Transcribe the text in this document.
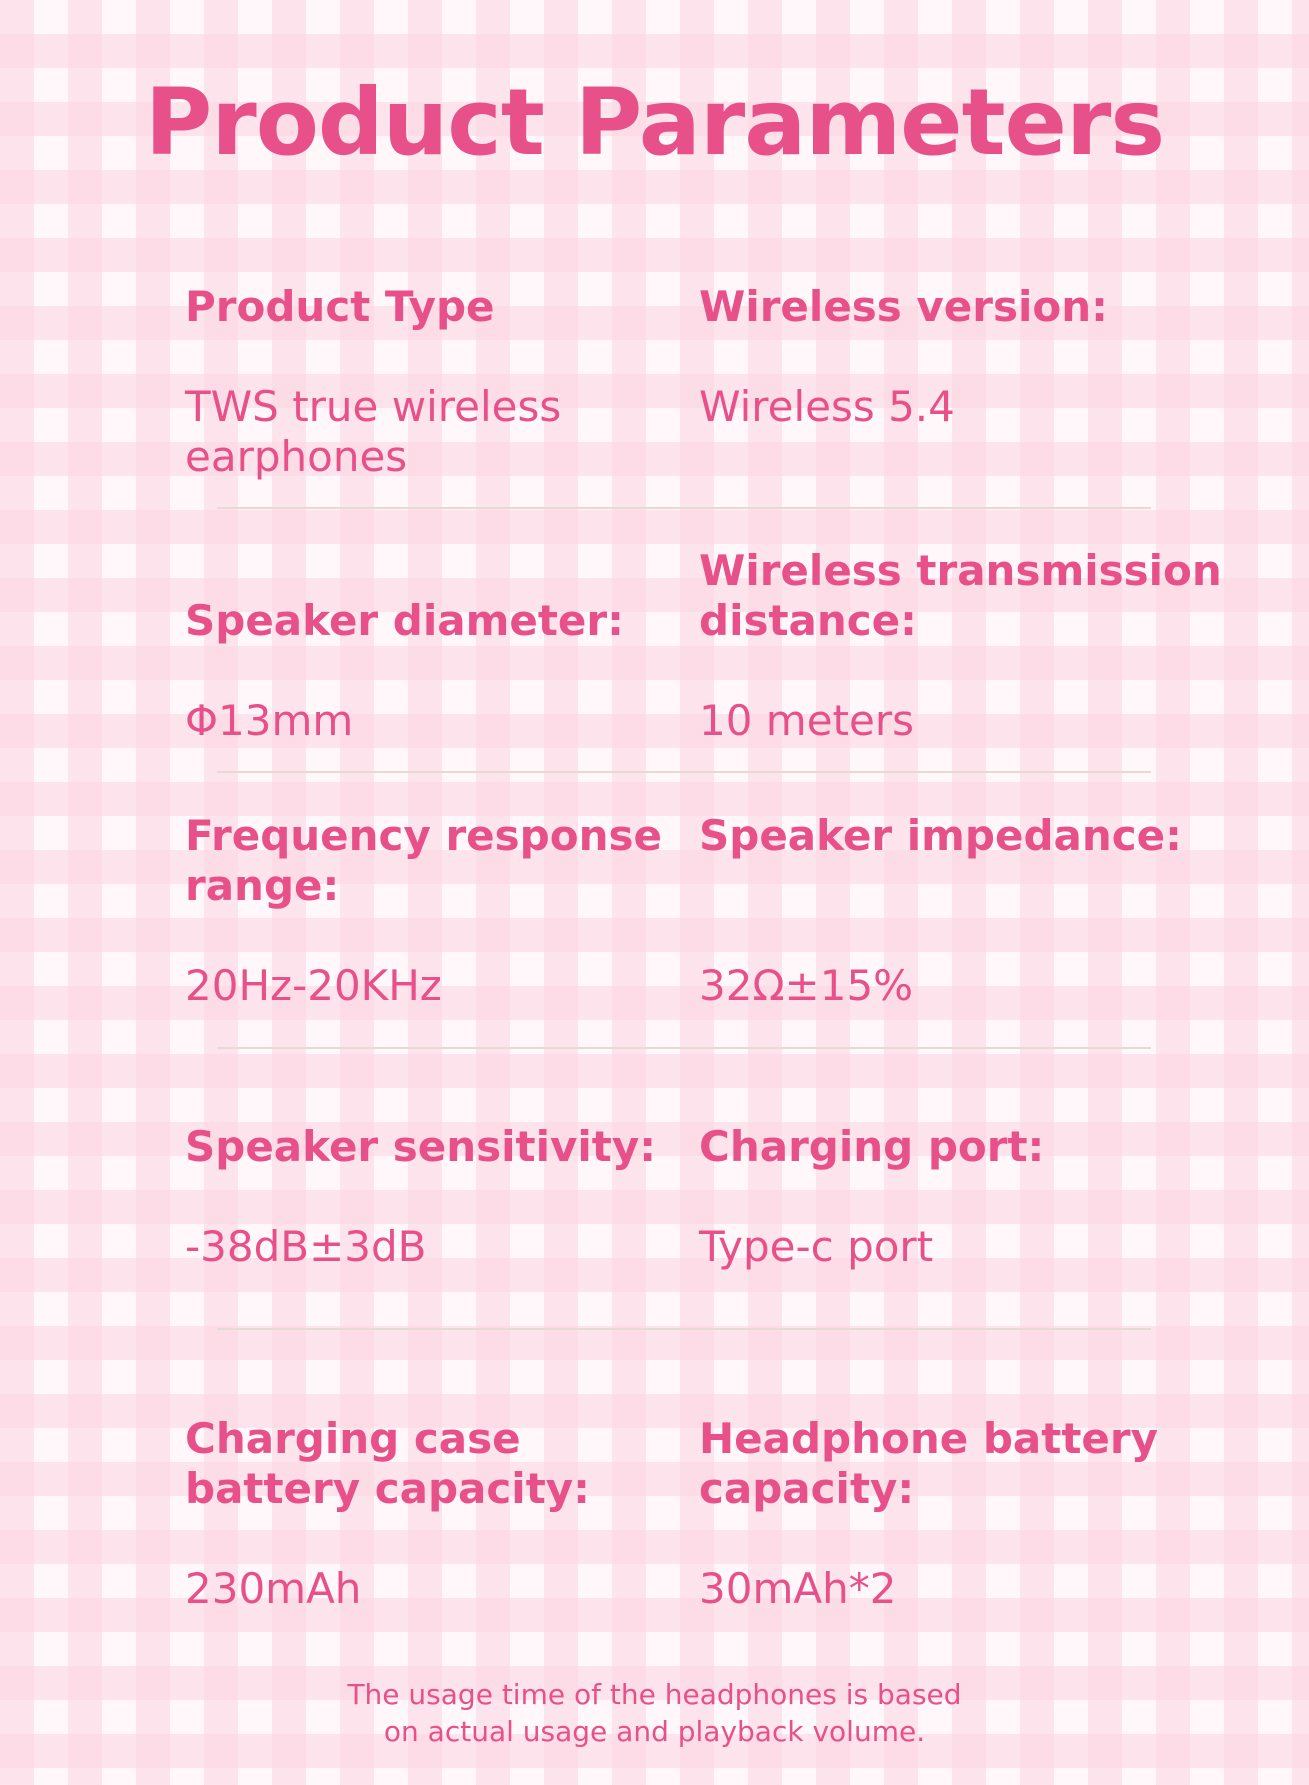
Product Parameters
Product Type
TWS true wireless earphones
Wireless version:
Wireless 5.4
Speaker diameter:
Φ13mm
Wireless transmission distance:
10 meters
Frequency response range:
20Hz-20KHz
Speaker impedance:
32Ω±15%
Speaker sensitivity:
-38dB±3dB
Charging port:
Type-c port
Charging case battery capacity:
230mAh
Headphone battery capacity:
30mAh*2
The usage time of the headphones is based
on actual usage and playback volume.
